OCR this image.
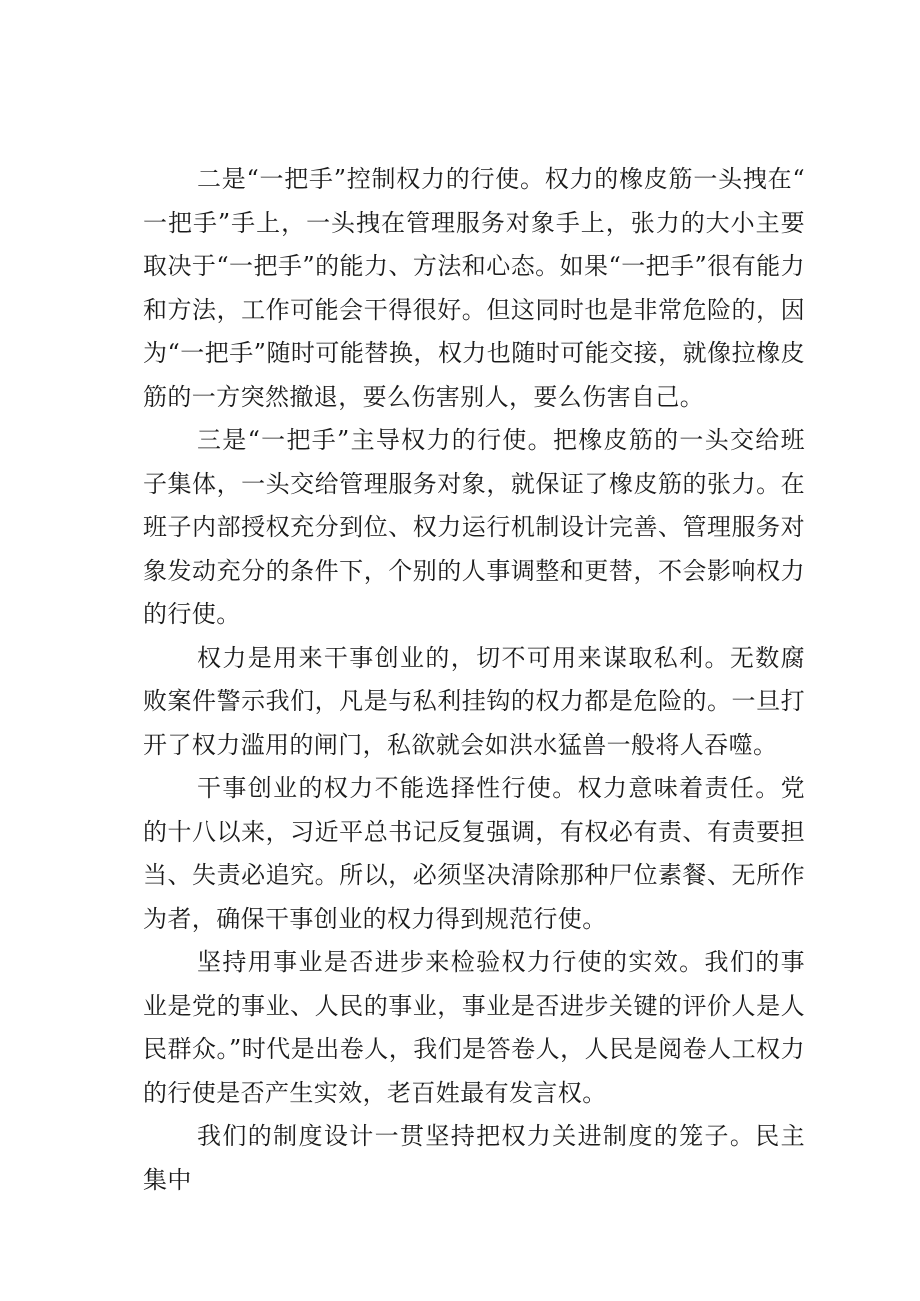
二是“一把手”控制权力的行使。权力的橡皮筋一头拽在“一把手”手上，一头拽在管理服务对象手上，张力的大小主要取决于“一把手”的能力、方法和心态。如果“一把手”很有能力和方法，工作可能会干得很好。但这同时也是非常危险的，因为“一把手”随时可能替换，权力也随时可能交接，就像拉橡皮筋的一方突然撤退，要么伤害别人，要么伤害自己。

三是“一把手”主导权力的行使。把橡皮筋的一头交给班子集体，一头交给管理服务对象，就保证了橡皮筋的张力。在班子内部授权充分到位、权力运行机制设计完善、管理服务对象发动充分的条件下，个别的人事调整和更替，不会影响权力的行使。

权力是用来干事创业的，切不可用来谋取私利。无数腐败案件警示我们，凡是与私利挂钩的权力都是危险的。一旦打开了权力滥用的闸门，私欲就会如洪水猛兽一般将人吞噬。

干事创业的权力不能选择性行使。权力意味着责任。党的十八以来，习近平总书记反复强调，有权必有责、有责要担当、失责必追究。所以，必须坚决清除那种尸位素餐、无所作为者，确保干事创业的权力得到规范行使。

坚持用事业是否进步来检验权力行使的实效。我们的事业是党的事业、人民的事业，事业是否进步关键的评价人是人民群众。”时代是出卷人，我们是答卷人，人民是阅卷人工权力的行使是否产生实效，老百姓最有发言权。

我们的制度设计一贯坚持把权力关进制度的笼子。民主集中
